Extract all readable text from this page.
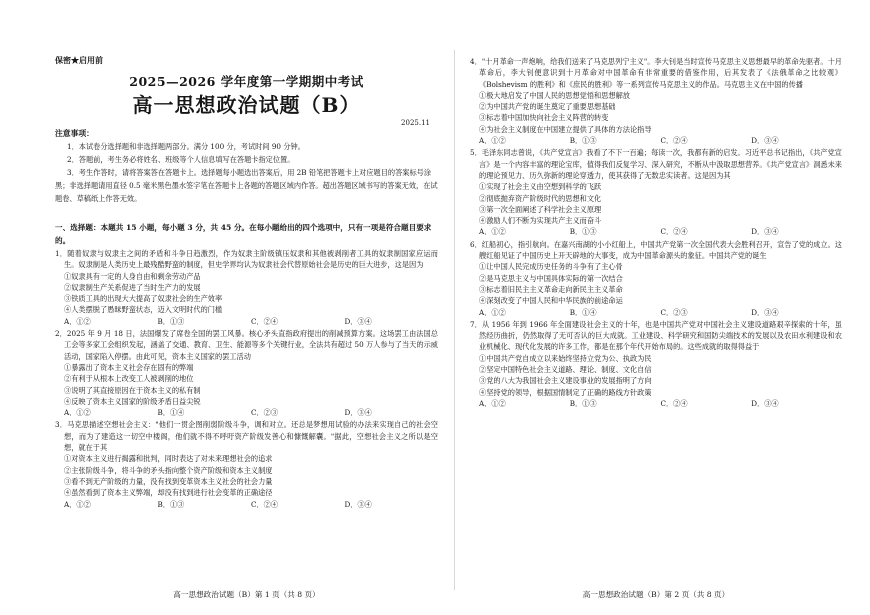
保密★启用前
2025—2026 学年度第一学期期中考试
高一思想政治试题（B）
2025.11

注意事项：

1．本试卷分选择题和非选择题两部分。满分 100 分，考试时间 90 分钟。

2．答题前，考生务必将姓名、班级等个人信息填写在答题卡指定位置。

3．考生作答时，请将答案答在答题卡上。选择题每小题选出答案后，用 2B 铅笔把答题卡上对应题目的答案标号涂黑；非选择题请用直径 0.5 毫米黑色墨水签字笔在答题卡上各题的答题区域内作答。超出答题区域书写的答案无效，在试题卷、草稿纸上作答无效。

一、选择题：本题共 15 小题，每小题 3 分，共 45 分。在每小题给出的四个选项中，只有一项是符合题目要求的。

1．随着奴隶与奴隶主之间的矛盾和斗争日趋激烈，作为奴隶主阶级镇压奴隶和其他被剥削者工具的奴隶制国家应运而生。奴隶制是人类历史上最残酷野蛮的制度，但史学界均认为奴隶社会代替原始社会是历史的巨大进步，这是因为

①奴隶具有一定的人身自由和剩余劳动产品

②奴隶制生产关系促进了当时生产力的发展

③铁质工具的出现大大提高了奴隶社会的生产效率

④人类摆脱了愚昧野蛮状态，迈入文明时代的门槛

A．①②	B．①③	C．②④	D．③④

2．2025 年 9 月 18 日，法国爆发了席卷全国的罢工风暴。核心矛头直指政府提出的削减预算方案。这场罢工由法国总工会等多家工会组织发起，涵盖了交通、教育、卫生、能源等多个关键行业，全法共有超过 50 万人参与了当天的示威活动，国家陷入停摆。由此可见，资本主义国家的罢工活动

①暴露出了资本主义社会存在固有的弊端

②有利于从根本上改变工人被剥削的地位

③说明了其直接原因在于资本主义的私有制

④反映了资本主义国家的阶级矛盾日益尖锐

A．①②	B．①④	C．②③	D．③④

3．马克思描述空想社会主义："他们一贯企图削弱阶级斗争，调和对立。还总是梦想用试验的办法来实现自己的社会空想，而为了建造这一切空中楼阁，他们就不得不呼吁资产阶级发善心和慷慨解囊。"据此，空想社会主义之所以是空想，就在于其

①对资本主义进行揭露和批判，同时表达了对未来理想社会的追求

②主张阶级斗争，将斗争的矛头指向整个资产阶级和资本主义制度

③看不到无产阶级的力量，没有找到变革资本主义社会的社会力量

④虽然看到了资本主义弊端，却没有找到进行社会变革的正确途径

A．①②	B．①③	C．②④	D．③④
高一思想政治试题（B）第 1 页（共 8 页）

4．"十月革命一声炮响，给我们送来了马克思列宁主义"。李大钊是当时宣传马克思主义思想最早的革命先驱者。十月革命后，李大钊便意识到十月革命对中国革命有非常重要的借鉴作用，后其发表了《法俄革命之比较观》《Bolshevism 的胜利》和《庶民的胜利》等一系列宣传马克思主义的作品。马克思主义在中国的传播

①极大地启发了中国人民的思想觉悟和思想解放

②为中国共产党的诞生奠定了重要思想基础

③标志着中国加快向社会主义阵营的转变

④为社会主义制度在中国建立提供了具体的方法论指导

A．①②	B．①③	C．②④	D．③④

5．毛泽东同志曾说，《共产党宣言》我看了不下一百遍；每读一次，我都有新的启发。习近平总书记指出，《共产党宣言》是一个内容丰富的理论宝库，值得我们反复学习、深入研究，不断从中汲取思想营养。《共产党宣言》洞悉未来的理论预见力、历久弥新的理论穿透力，使其获得了无数忠实读者。这是因为其

①实现了社会主义由空想到科学的飞跃

②彻底抛弃资产阶级时代的思想和文化

③第一次全面阐述了科学社会主义原理

④激励人们不断为实现共产主义而奋斗

A．①②	B．①③	C．②④	D．③④

6．红船初心，指引航向。在嘉兴南湖的小小红船上，中国共产党第一次全国代表大会胜利召开，宣告了党的成立。这艘红船见证了中国历史上开天辟地的大事变，成为中国革命源头的象征。中国共产党的诞生

①让中国人民完成历史任务的斗争有了主心骨

②是马克思主义与中国具体实际的第一次结合

③标志着旧民主主义革命走向新民主主义革命

④深刻改变了中国人民和中华民族的前途命运

A．①②	B．①④	C．②③	D．③④

7．从 1956 年到 1966 年全面建设社会主义的十年，也是中国共产党对中国社会主义建设道路艰辛探索的十年，虽然经历曲折，仍然取得了无可否认的巨大成就。工业建设、科学研究和国防尖端技术的发展以及农田水利建设和农业机械化、现代化发展的许多工作，都是在那个年代开始布局的。这些成就的取得得益于

①中国共产党自成立以来始终坚持立党为公、执政为民

②坚定中国特色社会主义道路、理论、制度、文化自信

③党的八大为我国社会主义建设事业的发展指明了方向

④坚持党的领导，根据国情制定了正确的路线方针政策

A．①②	B．①③	C．②④	D．③④
高一思想政治试题（B）第 2 页（共 8 页）
